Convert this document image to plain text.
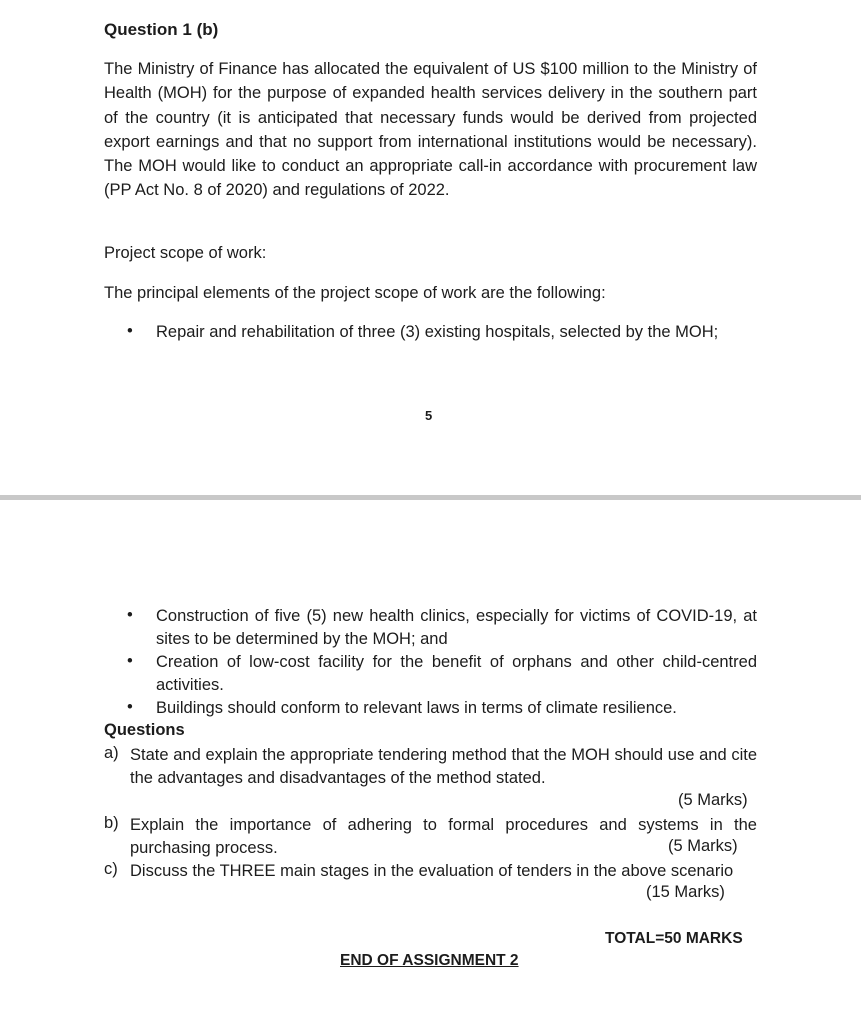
Question 1 (b)
The Ministry of Finance has allocated the equivalent of US $100 million to the Ministry of Health (MOH) for the purpose of expanded health services delivery in the southern part of the country (it is anticipated that necessary funds would be derived from projected export earnings and that no support from international institutions would be necessary). The MOH would like to conduct an appropriate call-in accordance with procurement law (PP Act No. 8 of 2020) and regulations of 2022.
Project scope of work:
The principal elements of the project scope of work are the following:
• Repair and rehabilitation of three (3) existing hospitals, selected by the MOH;
5
• Construction of five (5) new health clinics, especially for victims of COVID-19, at sites to be determined by the MOH; and
• Creation of low-cost facility for the benefit of orphans and other child-centred activities.
• Buildings should conform to relevant laws in terms of climate resilience.
Questions
a) State and explain the appropriate tendering method that the MOH should use and cite the advantages and disadvantages of the method stated.
(5 Marks)
b) Explain the importance of adhering to formal procedures and systems in the purchasing process.	(5 Marks)
c) Discuss the THREE main stages in the evaluation of tenders in the above scenario
(15 Marks)
TOTAL=50 MARKS
END OF ASSIGNMENT 2
